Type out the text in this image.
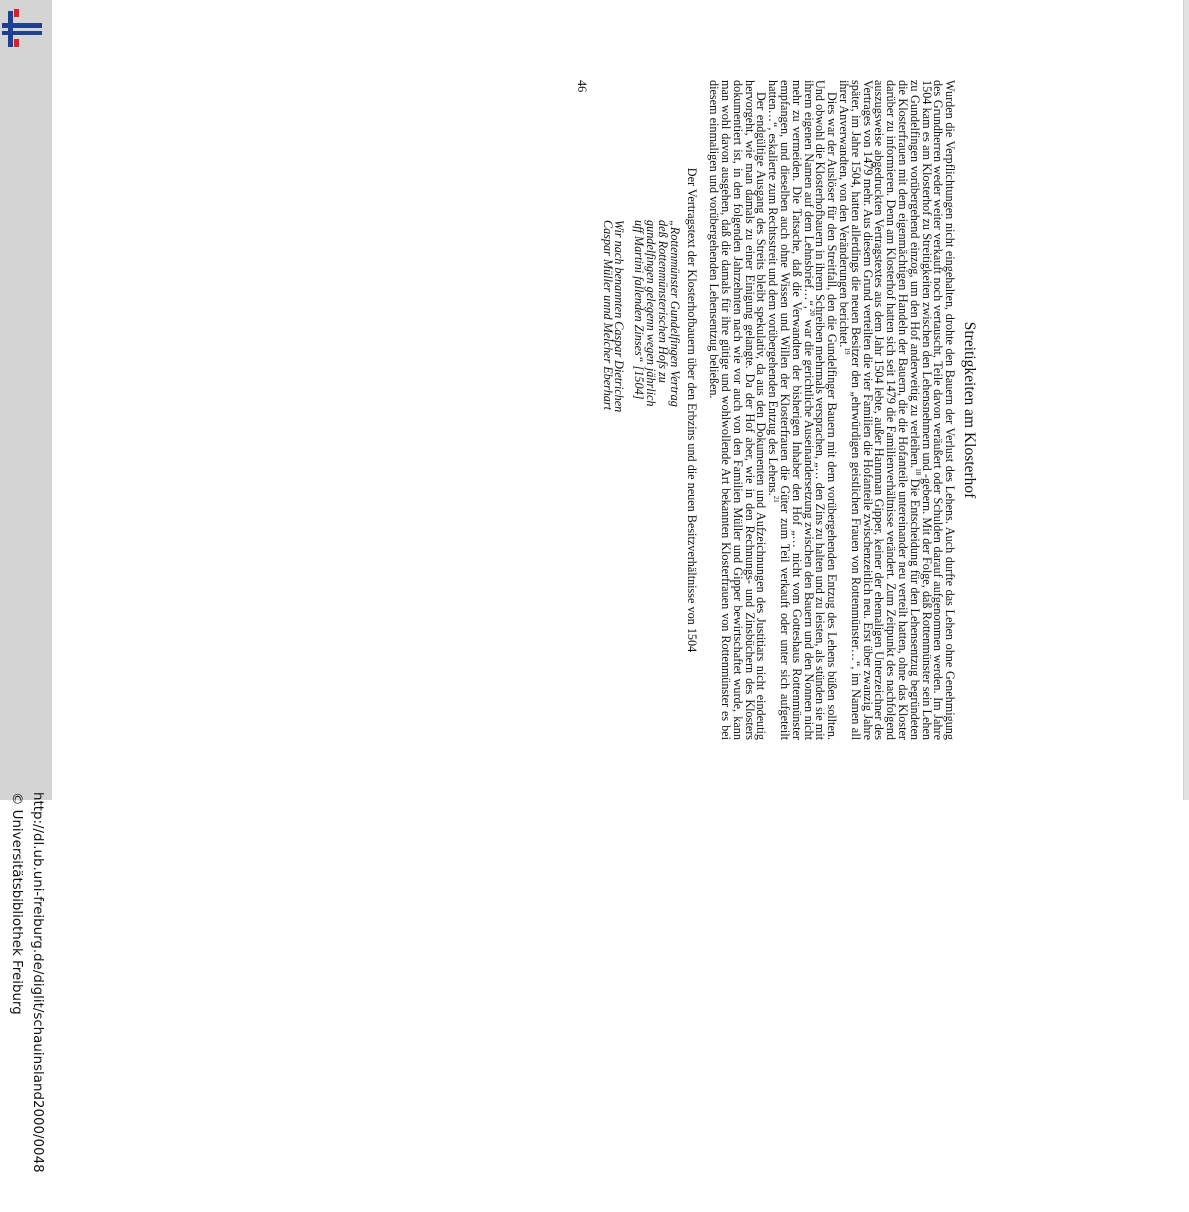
http://dl.ub.uni-freiburg.de/diglit/schauinsland2000/0048
© Universitätsbibliothek Freiburg
Streitigkeiten am Klosterhof

Wurden die Verpflichtungen nicht eingehalten, drohte den Bauern der Verlust des Lehens. Auch durfte das Lehen ohne Genehmigung des Grundherren weder weiter verkauft noch vertauscht, Teile davon veräußert oder Schulden darauf aufgenommen werden. Im Jahre 1504 kam es am Klosterhof zu Streitigkeiten zwischen den Lehensnehmern und -gebern. Mit der Folge, daß Rottenmünster sein Lehen zu Gundelfingen vorübergehend einzog, um den Hof anderweitig zu verleihen.$^{18}$ Die Entscheidung für den Lehensentzug begründeten die Klosterfrauen mit dem eigenmächtigen Handeln der Bauern, die die Hofanteile untereinander neu verteilt hatten, ohne das Kloster darüber zu informieren. Denn am Klosterhof hatten sich seit 1479 die Familienverhältnisse verändert. Zum Zeitpunkt des nachfolgend auszugsweise abgedruckten Vertragstextes aus dem Jahr 1504 lebte, außer Hannman Gipper, keiner der ehemaligen Unterzeichner des Vertrages von 1479 mehr. Aus diesem Grund verteilten die vier Familien die Hofanteile zwischenzeitlich neu. Erst über zwanzig Jahre später, im Jahre 1504, hatten allerdings die neuen Besitzer den „ehrwürdigen geistlichen Frauen von Rottenmünster…“, im Namen all ihrer Anverwandten, von den Veränderungen berichtet.$^{19}$

Dies war der Auslöser für den Streitfall, den die Gundelfinger Bauern mit dem vorübergehenden Entzug des Lehens büßen sollten. Und obwohl die Klosterhofbauern in ihrem Schreiben mehrmals versprachen, „… den Zins zu halten und zu leisten, als stünden sie mit ihrem eigenen Namen auf dem Lehnsbrief…“,$^{20}$ war die gerichtliche Auseinandersetzung zwischen den Bauern und den Nonnen nicht mehr zu vermeiden. Die Tatsache, daß die Verwandten der bisherigen Inhaber den Hof „… nicht vom Gotteshaus Rottenmünster empfangen, und dieselben auch ohne Wissen und Willen der Klosterfrauen die Güter zum Teil verkauft oder unter sich aufgeteilt hatten…“, eskalierte zum Rechtsstreit und dem vorübergehenden Entzug des Lehens.$^{21}$

Der endgültige Ausgang des Streits bleibt spekulativ, da aus den Dokumenten und Aufzeichnungen des Justitiars nicht eindeutig hervorgeht, wie man damals zu einer Einigung gelangte. Da der Hof aber, wie in den Rechnungs- und Zinsbüchern des Klosters dokumentiert ist, in den folgenden Jahrzehnten nach wie vor auch von den Familien Müller und Gipper bewirtschaftet wurde, kann man wohl davon ausgehen, daß die damals für ihre gütige und wohlwollende Art bekannten Klosterfrauen von Rottenmünster es bei diesem einmaligen und vorübergehenden Lehensentzug beließen.

Der Vertragstext der Klosterhofbauern über den Erbzins und die neuen Besitzverhältnisse von 1504

„Rottenmünster Gundelfingen Vertrag deß Rottenmünsterischen Hofs zu gundelfingen gelegenn wegen jährlich uff Martini fallenden Zinses“ [1504]

Wir nach benannten Caspar Dietrichen Caspar Müller unnd Melcher Eberhart

46
